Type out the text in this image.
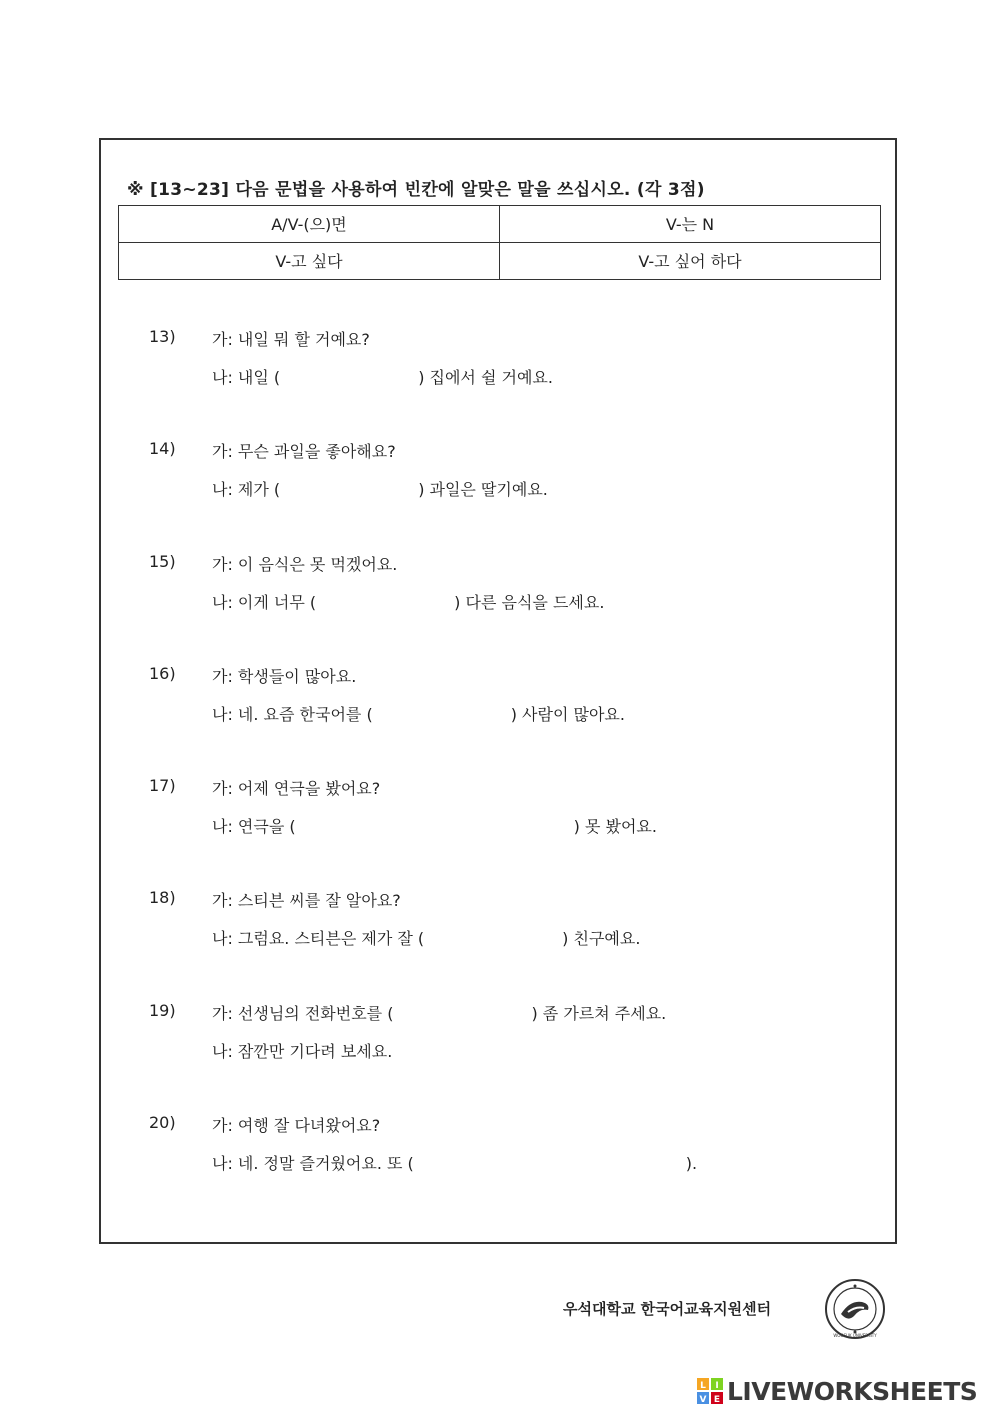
※ [13~23] 다음 문법을 사용하여 빈칸에 알맞은 말을 쓰십시오. (각 3점)
A/V-(으)면	V-는 N
V-고 싶다	V-고 싶어 하다
13) 가: 내일 뭐 할 거예요?
나: 내일 (	) 집에서 쉴 거예요.
14) 가: 무슨 과일을 좋아해요?
나: 제가 (	) 과일은 딸기예요.
15) 가: 이 음식은 못 먹겠어요.
나: 이게 너무 (	) 다른 음식을 드세요.
16) 가: 학생들이 많아요.
나: 네. 요즘 한국어를 (	) 사람이 많아요.
17) 가: 어제 연극을 봤어요?
나: 연극을 (	) 못 봤어요.
18) 가: 스티븐 씨를 잘 알아요?
나: 그럼요. 스티븐은 제가 잘 (	) 친구예요.
19) 가: 선생님의 전화번호를 (	) 좀 가르쳐 주세요.
나: 잠깐만 기다려 보세요.
20) 가: 여행 잘 다녀왔어요?
나: 네. 정말 즐거웠어요. 또 (	).
우석대학교 한국어교육지원센터
WOOSUK UNIVERSITY
L I
V E LIVEWORKSHEETS
